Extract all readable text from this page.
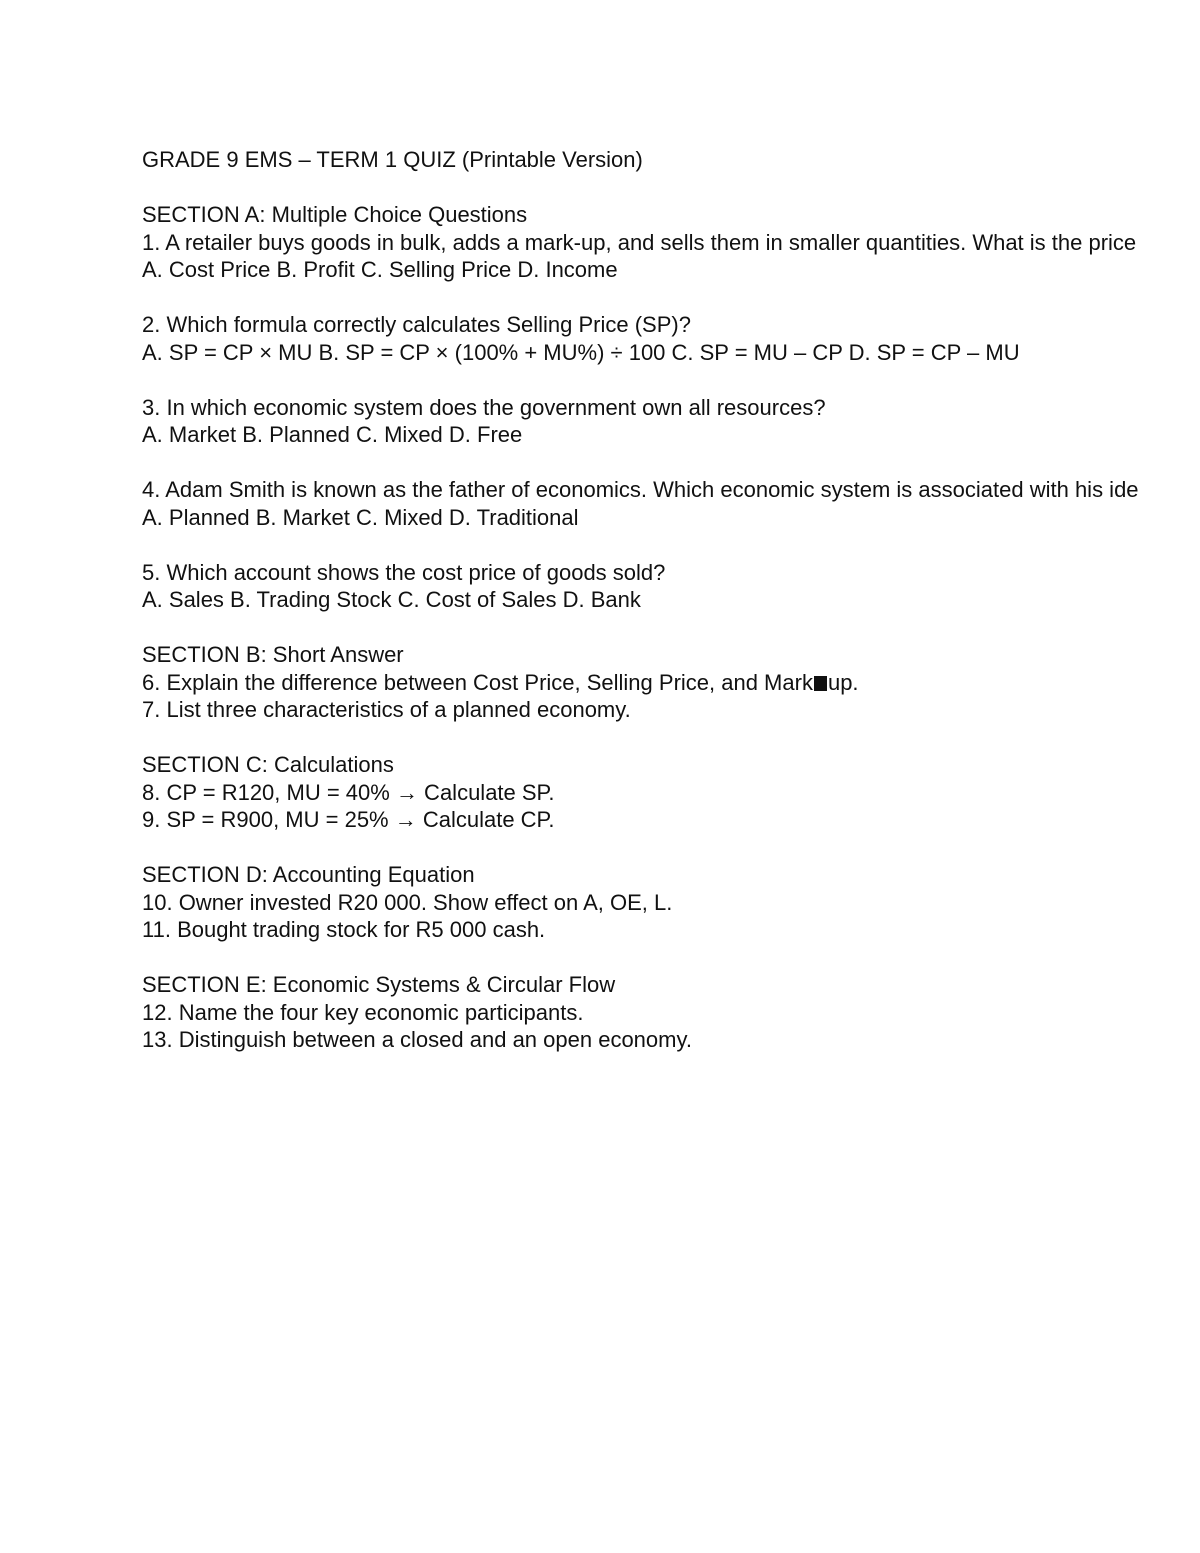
GRADE 9 EMS – TERM 1 QUIZ (Printable Version)
SECTION A: Multiple Choice Questions
1. A retailer buys goods in bulk, adds a mark-up, and sells them in smaller quantities. What is the price
A. Cost Price B. Profit C. Selling Price D. Income
2. Which formula correctly calculates Selling Price (SP)?
A. SP = CP × MU B. SP = CP × (100% + MU%) ÷ 100 C. SP = MU – CP D. SP = CP – MU
3. In which economic system does the government own all resources?
A. Market B. Planned C. Mixed D. Free
4. Adam Smith is known as the father of economics. Which economic system is associated with his ide
A. Planned B. Market C. Mixed D. Traditional
5. Which account shows the cost price of goods sold?
A. Sales B. Trading Stock C. Cost of Sales D. Bank
SECTION B: Short Answer
6. Explain the difference between Cost Price, Selling Price, and Mark up.
7. List three characteristics of a planned economy.
SECTION C: Calculations
8. CP = R120, MU = 40% → Calculate SP.
9. SP = R900, MU = 25% → Calculate CP.
SECTION D: Accounting Equation
10. Owner invested R20 000. Show effect on A, OE, L.
11. Bought trading stock for R5 000 cash.
SECTION E: Economic Systems & Circular Flow
12. Name the four key economic participants.
13. Distinguish between a closed and an open economy.
